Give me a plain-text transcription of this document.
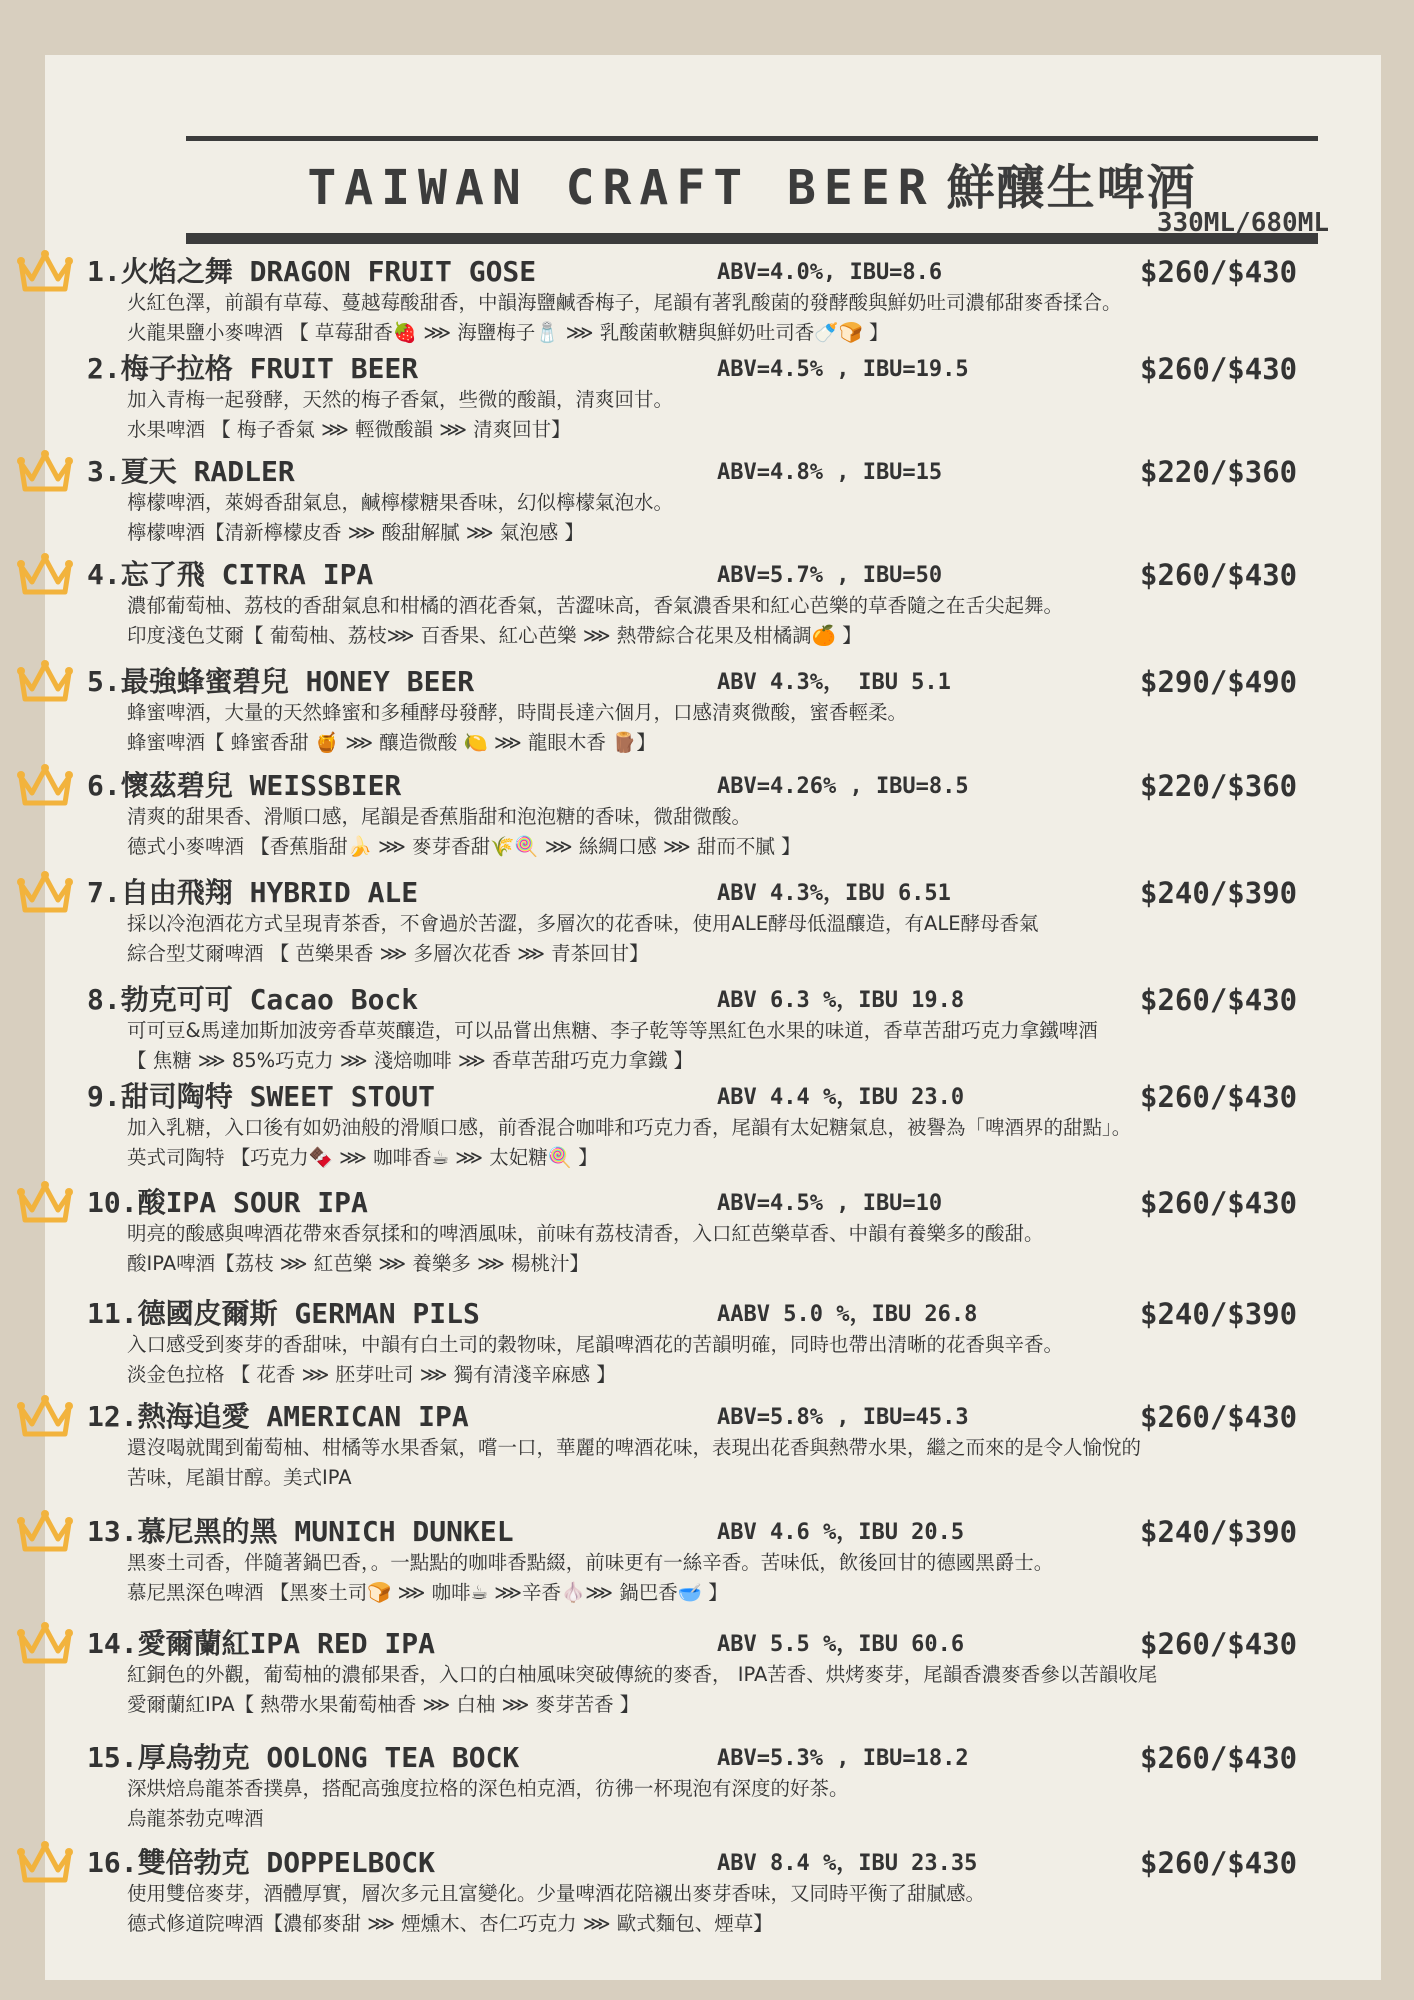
TAIWAN CRAFT BEER 鮮釀生啤酒
330ML/680ML
1.火焰之舞 DRAGON FRUIT GOSE	ABV=4.0%, IBU=8.6	$260/$430
火紅色澤，前韻有草莓、蔓越莓酸甜香，中韻海鹽鹹香梅子，尾韻有著乳酸菌的發酵酸與鮮奶吐司濃郁甜麥香揉合。
火龍果鹽小麥啤酒 【 草莓甜香🍓 ⋙ 海鹽梅子🧂 ⋙ 乳酸菌軟糖與鮮奶吐司香🍼🍞 】
2.梅子拉格 FRUIT BEER	ABV=4.5% , IBU=19.5	$260/$430
加入青梅一起發酵，天然的梅子香氣，些微的酸韻，清爽回甘。
水果啤酒 【 梅子香氣 ⋙ 輕微酸韻 ⋙ 清爽回甘】
3.夏天 RADLER	ABV=4.8% , IBU=15	$220/$360
檸檬啤酒，萊姆香甜氣息，鹹檸檬糖果香味，幻似檸檬氣泡水。
檸檬啤酒【清新檸檬皮香 ⋙ 酸甜解膩 ⋙ 氣泡感 】
4.忘了飛 CITRA IPA	ABV=5.7% , IBU=50	$260/$430
濃郁葡萄柚、荔枝的香甜氣息和柑橘的酒花香氣，苦澀味高，香氣濃香果和紅心芭樂的草香隨之在舌尖起舞。
印度淺色艾爾【 葡萄柚、荔枝⋙ 百香果、紅心芭樂 ⋙ 熱帶綜合花果及柑橘調🍊 】
5.最強蜂蜜碧兒 HONEY BEER	ABV 4.3%， IBU 5.1	$290/$490
蜂蜜啤酒，大量的天然蜂蜜和多種酵母發酵，時間長達六個月，口感清爽微酸，蜜香輕柔。
蜂蜜啤酒【 蜂蜜香甜 🍯 ⋙ 釀造微酸 🍋 ⋙ 龍眼木香 🪵】
6.懷茲碧兒 WEISSBIER	ABV=4.26% , IBU=8.5	$220/$360
清爽的甜果香、滑順口感，尾韻是香蕉脂甜和泡泡糖的香味，微甜微酸。
德式小麥啤酒 【香蕉脂甜🍌 ⋙ 麥芽香甜🌾🍭 ⋙ 絲綢口感 ⋙ 甜而不膩 】
7.自由飛翔 HYBRID ALE	ABV 4.3%，IBU 6.51	$240/$390
採以冷泡酒花方式呈現青茶香，不會過於苦澀，多層次的花香味，使用ALE酵母低溫釀造，有ALE酵母香氣
綜合型艾爾啤酒 【 芭樂果香 ⋙ 多層次花香 ⋙ 青茶回甘】
8.勃克可可 Cacao Bock	ABV 6.3 %，IBU 19.8	$260/$430
可可豆&馬達加斯加波旁香草莢釀造，可以品嘗出焦糖、李子乾等等黑紅色水果的味道，香草苦甜巧克力拿鐵啤酒
【 焦糖 ⋙ 85%巧克力 ⋙ 淺焙咖啡 ⋙ 香草苦甜巧克力拿鐵 】
9.甜司陶特 SWEET STOUT	ABV 4.4 %，IBU 23.0	$260/$430
加入乳糖，入口後有如奶油般的滑順口感，前香混合咖啡和巧克力香，尾韻有太妃糖氣息，被譽為「啤酒界的甜點」。
英式司陶特 【巧克力🍫 ⋙ 咖啡香☕ ⋙ 太妃糖🍭 】
10.酸IPA SOUR IPA	ABV=4.5% , IBU=10	$260/$430
明亮的酸感與啤酒花帶來香氛揉和的啤酒風味，前味有荔枝清香，入口紅芭樂草香、中韻有養樂多的酸甜。
酸IPA啤酒【荔枝 ⋙ 紅芭樂 ⋙ 養樂多 ⋙ 楊桃汁】
11.德國皮爾斯 GERMAN PILS	AABV 5.0 %，IBU 26.8	$240/$390
入口感受到麥芽的香甜味，中韻有白土司的穀物味，尾韻啤酒花的苦韻明確，同時也帶出清晰的花香與辛香。
淡金色拉格 【 花香 ⋙ 胚芽吐司 ⋙ 獨有清淺辛麻感 】
12.熱海追愛 AMERICAN IPA	ABV=5.8% , IBU=45.3	$260/$430
還沒喝就聞到葡萄柚、柑橘等水果香氣，嚐一口，華麗的啤酒花味，表現出花香與熱帶水果，繼之而來的是令人愉悅的
苦味，尾韻甘醇。美式IPA
13.慕尼黑的黑 MUNICH DUNKEL	ABV 4.6 %，IBU 20.5	$240/$390
黑麥土司香，伴隨著鍋巴香，。一點點的咖啡香點綴，前味更有一絲辛香。苦味低，飲後回甘的德國黑爵士。
慕尼黑深色啤酒 【黑麥土司🍞 ⋙ 咖啡☕ ⋙辛香🧄⋙ 鍋巴香🥣 】
14.愛爾蘭紅IPA RED IPA	ABV 5.5 %，IBU 60.6	$260/$430
紅銅色的外觀，葡萄柚的濃郁果香，入口的白柚風味突破傳統的麥香， IPA苦香、烘烤麥芽，尾韻香濃麥香參以苦韻收尾
愛爾蘭紅IPA【 熱帶水果葡萄柚香 ⋙ 白柚 ⋙ 麥芽苦香 】
15.厚烏勃克 OOLONG TEA BOCK	ABV=5.3% , IBU=18.2	$260/$430
深烘焙烏龍茶香撲鼻，搭配高強度拉格的深色柏克酒，彷彿一杯現泡有深度的好茶。
烏龍茶勃克啤酒
16.雙倍勃克 DOPPELBOCK	ABV 8.4 %，IBU 23.35	$260/$430
使用雙倍麥芽，酒體厚實，層次多元且富變化。少量啤酒花陪襯出麥芽香味，又同時平衡了甜膩感。
德式修道院啤酒【濃郁麥甜 ⋙ 煙燻木、杏仁巧克力 ⋙ 歐式麵包、煙草】
